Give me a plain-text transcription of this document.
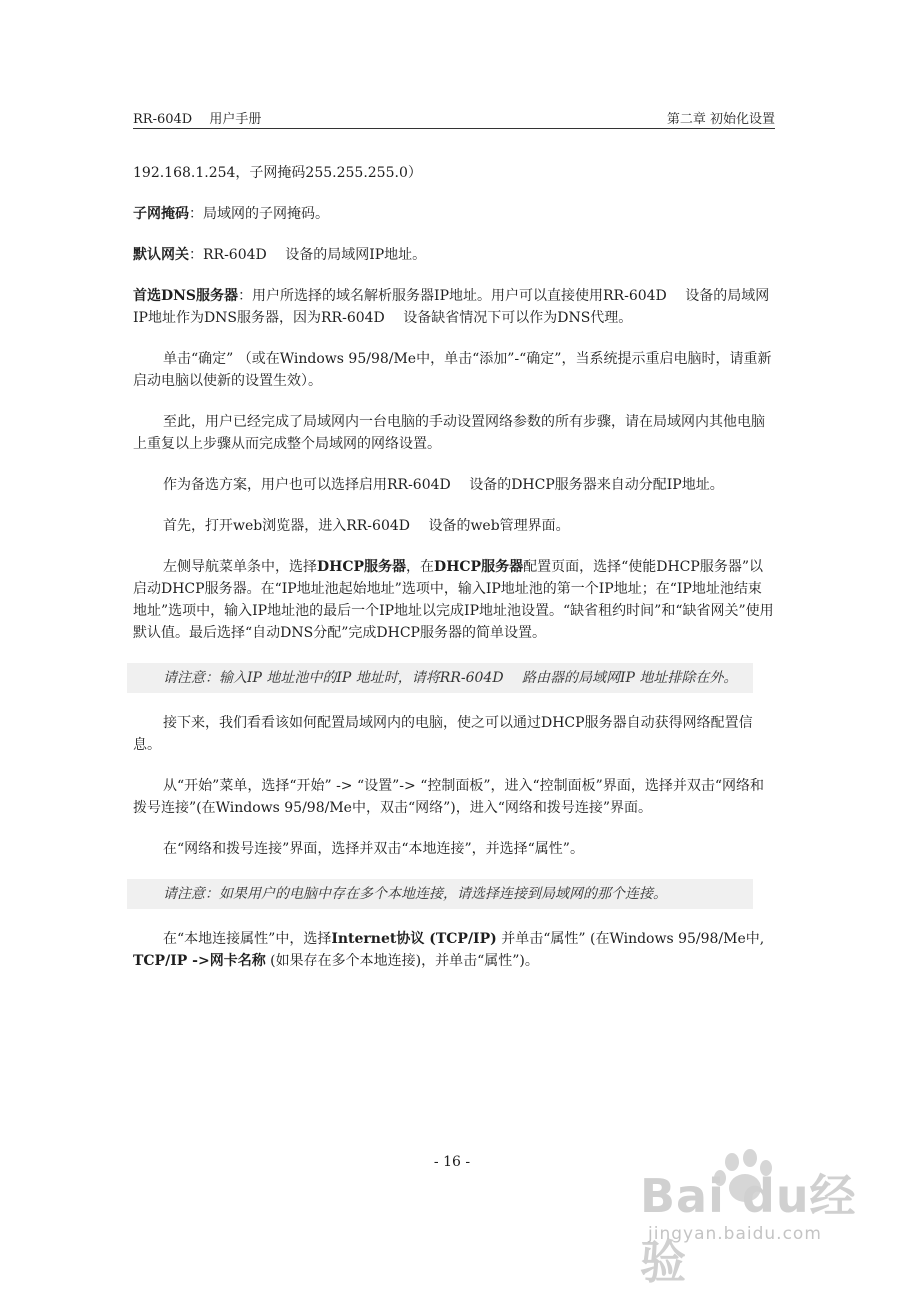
RR-604D　 用户手册	第二章 初始化设置

192.168.1.254，子网掩码255.255.255.0）

子网掩码：局域网的子网掩码。

默认网关：RR-604D　 设备的局域网IP地址。

首选DNS服务器：用户所选择的域名解析服务器IP地址。用户可以直接使用RR-604D　 设备的局域网IP地址作为DNS服务器，因为RR-604D　 设备缺省情况下可以作为DNS代理。

单击“确定” （或在Windows 95/98/Me中，单击“添加”-“确定”，当系统提示重启电脑时，请重新启动电脑以使新的设置生效）。

至此，用户已经完成了局域网内一台电脑的手动设置网络参数的所有步骤，请在局域网内其他电脑上重复以上步骤从而完成整个局域网的网络设置。

作为备选方案，用户也可以选择启用RR-604D　 设备的DHCP服务器来自动分配IP地址。

首先，打开web浏览器，进入RR-604D　 设备的web管理界面。

左侧导航菜单条中，选择DHCP服务器，在DHCP服务器配置页面，选择“使能DHCP服务器”以启动DHCP服务器。在“IP地址池起始地址”选项中，输入IP地址池的第一个IP地址；在“IP地址池结束地址”选项中，输入IP地址池的最后一个IP地址以完成IP地址池设置。“缺省租约时间”和“缺省网关”使用默认值。最后选择“自动DNS分配”完成DHCP服务器的简单设置。

请注意：输入IP 地址池中的IP 地址时，请将RR-604D　 路由器的局域网IP 地址排除在外。

接下来，我们看看该如何配置局域网内的电脑，使之可以通过DHCP服务器自动获得网络配置信息。

从“开始”菜单，选择“开始” -> “设置”-> “控制面板”，进入“控制面板”界面，选择并双击“网络和拨号连接”(在Windows 95/98/Me中，双击“网络”)，进入“网络和拨号连接”界面。

在“网络和拨号连接”界面，选择并双击“本地连接”，并选择“属性”。

请注意：如果用户的电脑中存在多个本地连接，请选择连接到局域网的那个连接。

在“本地连接属性”中，选择Internet协议 (TCP/IP) 并单击“属性” (在Windows 95/98/Me中, TCP/IP ->网卡名称 (如果存在多个本地连接)，并单击“属性”)。

- 16 -
Bai du经验
jingyan.baidu.com
